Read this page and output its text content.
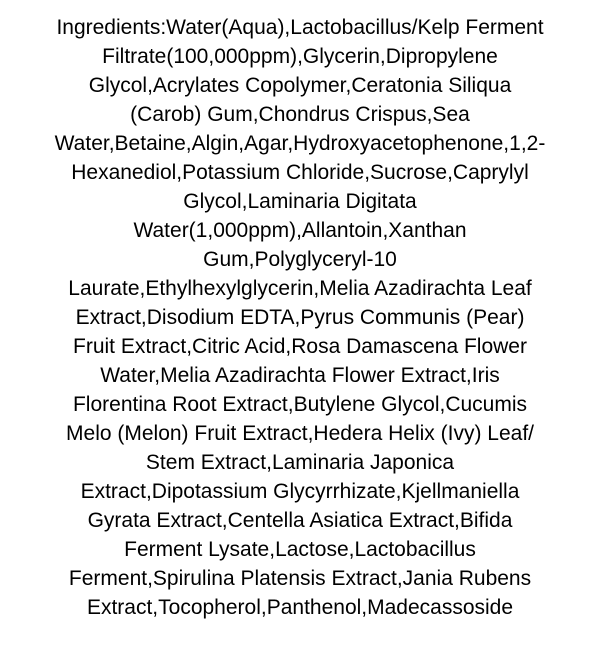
Ingredients:Water(Aqua),Lactobacillus/Kelp Ferment
Filtrate(100,000ppm),Glycerin,Dipropylene
Glycol,Acrylates Copolymer,Ceratonia Siliqua
(Carob) Gum,Chondrus Crispus,Sea
Water,Betaine,Algin,Agar,Hydroxyacetophenone,1,2-
Hexanediol,Potassium Chloride,Sucrose,Caprylyl
Glycol,Laminaria Digitata
Water(1,000ppm),Allantoin,Xanthan
Gum,Polyglyceryl-10
Laurate,Ethylhexylglycerin,Melia Azadirachta Leaf
Extract,Disodium EDTA,Pyrus Communis (Pear)
Fruit Extract,Citric Acid,Rosa Damascena Flower
Water,Melia Azadirachta Flower Extract,Iris
Florentina Root Extract,Butylene Glycol,Cucumis
Melo (Melon) Fruit Extract,Hedera Helix (Ivy) Leaf/
Stem Extract,Laminaria Japonica
Extract,Dipotassium Glycyrrhizate,Kjellmaniella
Gyrata Extract,Centella Asiatica Extract,Bifida
Ferment Lysate,Lactose,Lactobacillus
Ferment,Spirulina Platensis Extract,Jania Rubens
Extract,Tocopherol,Panthenol,Madecassoside
